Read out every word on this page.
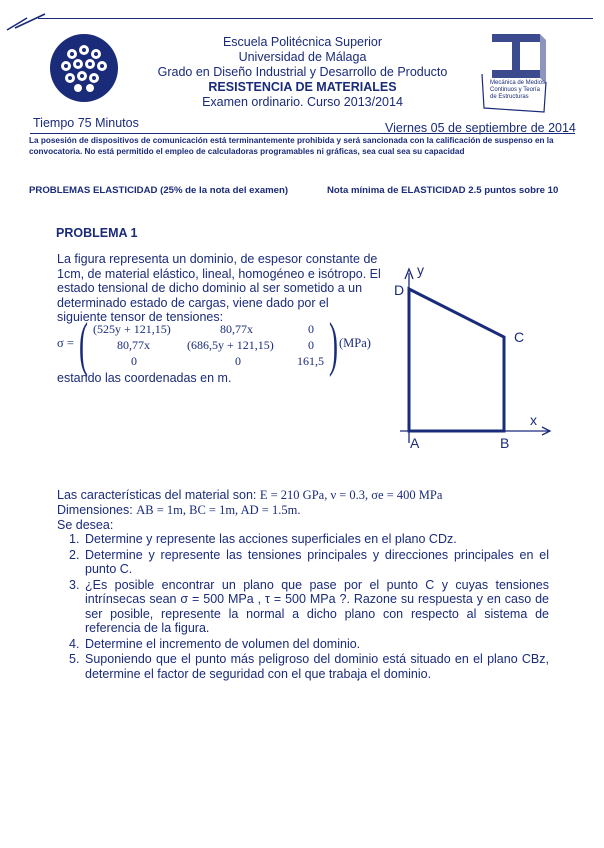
Escuela Politécnica Superior
Universidad de Málaga
Grado en Diseño Industrial y Desarrollo de Producto
RESISTENCIA DE MATERIALES
Examen ordinario. Curso 2013/2014
Mecánica de Medios Continuos y Teoría de Estructuras
Tiempo 75 Minutos	Viernes 05 de septiembre de 2014
La posesión de dispositivos de comunicación está terminantemente prohibida y será sancionada con la calificación de suspenso en la convocatoria. No está permitido el empleo de calculadoras programables ni gráficas, sea cual sea su capacidad
PROBLEMAS ELASTICIDAD (25% de la nota del examen)	Nota mínima de ELASTICIDAD 2.5 puntos sobre 10
PROBLEMA 1
La figura representa un dominio, de espesor constante de 1cm, de material elástico, lineal, homogéneo e isótropo. El estado tensional de dicho dominio al ser sometido a un determinado estado de cargas, viene dado por el siguiente tensor de tensiones:
σ = ( (525y + 121,15)	80,77x	0
80,77x	(686,5y + 121,15)	0
0	0	161,5 ) (MPa)
estando las coordenadas en m.
y
x
A	B
C
D
Las características del material son: E = 210 GPa, ν = 0.3, σe = 400 MPa
Dimensiones: AB = 1m, BC = 1m, AD = 1.5m.
Se desea:
1. Determine y represente las acciones superficiales en el plano CDz.
2. Determine y represente las tensiones principales y direcciones principales en el punto C.
3. ¿Es posible encontrar un plano que pase por el punto C y cuyas tensiones intrínsecas sean σ = 500 MPa , τ = 500 MPa ?. Razone su respuesta y en caso de ser posible, represente la normal a dicho plano con respecto al sistema de referencia de la figura.
4. Determine el incremento de volumen del dominio.
5. Suponiendo que el punto más peligroso del dominio está situado en el plano CBz, determine el factor de seguridad con el que trabaja el dominio.
